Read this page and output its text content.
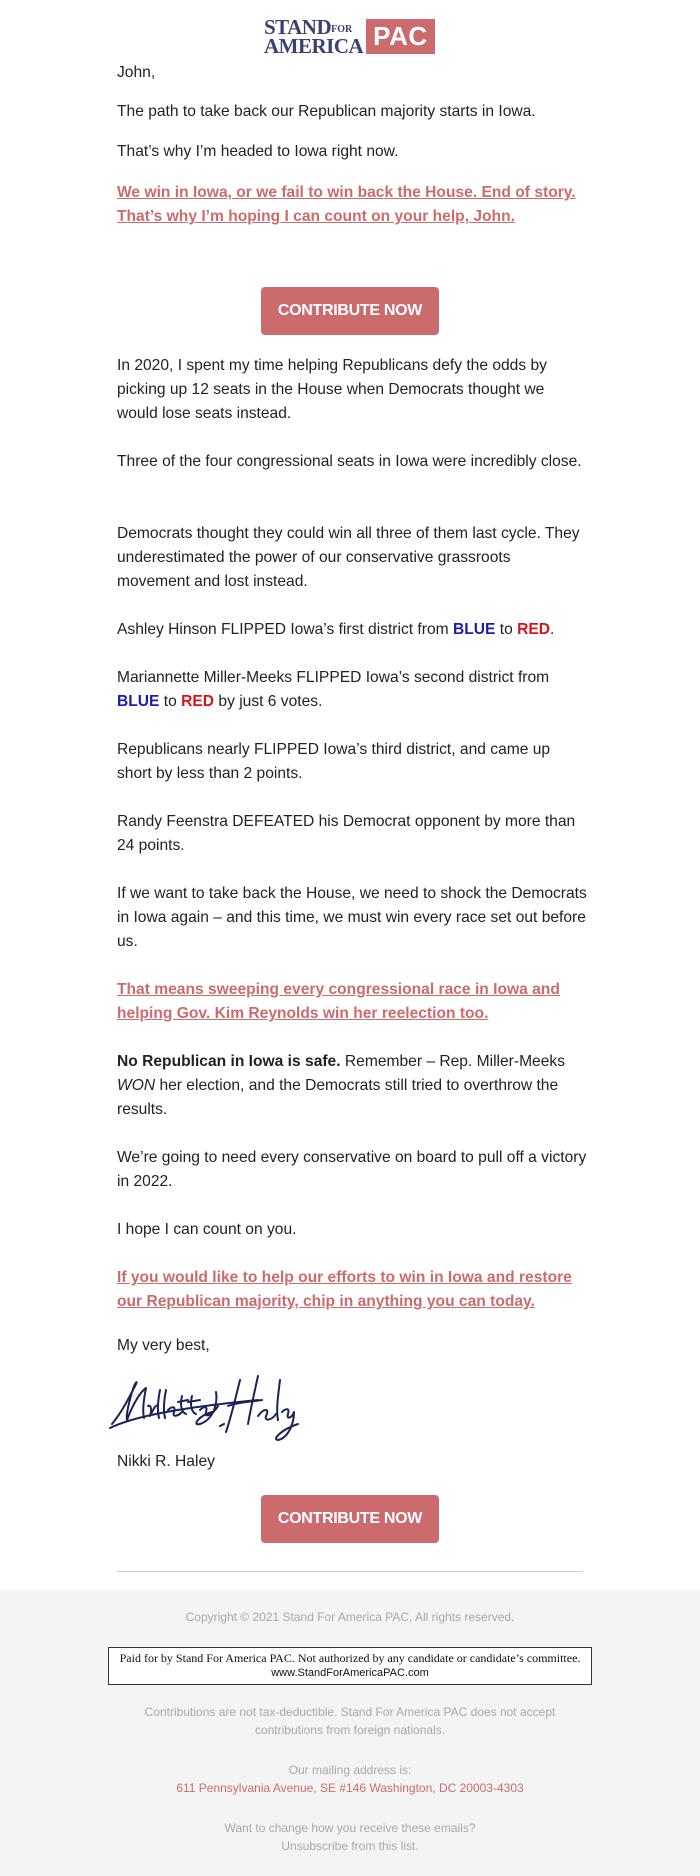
$STAND^{FOR}$
AMERICA PAC

John,

The path to take back our Republican majority starts in Iowa.

That’s why I’m headed to Iowa right now.

We win in Iowa, or we fail to win back the House. End of story. That’s why I’m hoping I can count on your help, John.

CONTRIBUTE NOW

In 2020, I spent my time helping Republicans defy the odds by picking up 12 seats in the House when Democrats thought we would lose seats instead.

Three of the four congressional seats in Iowa were incredibly close.

Democrats thought they could win all three of them last cycle. They underestimated the power of our conservative grassroots movement and lost instead.

Ashley Hinson FLIPPED Iowa’s first district from BLUE to RED.

Mariannette Miller-Meeks FLIPPED Iowa’s second district from BLUE to RED by just 6 votes.

Republicans nearly FLIPPED Iowa’s third district, and came up short by less than 2 points.

Randy Feenstra DEFEATED his Democrat opponent by more than 24 points.

If we want to take back the House, we need to shock the Democrats in Iowa again – and this time, we must win every race set out before us.

That means sweeping every congressional race in Iowa and helping Gov. Kim Reynolds win her reelection too.

No Republican in Iowa is safe. Remember – Rep. Miller-Meeks WON her election, and the Democrats still tried to overthrow the results.

We’re going to need every conservative on board to pull off a victory in 2022.

I hope I can count on you.

If you would like to help our efforts to win in Iowa and restore our Republican majority, chip in anything you can today.

My very best,

Nikki R. Haley

CONTRIBUTE NOW
Copyright © 2021 Stand For America PAC, All rights reserved.
Paid for by Stand For America PAC. Not authorized by any candidate or candidate’s committee.
www.StandForAmericaPAC.com
Contributions are not tax-deductible. Stand For America PAC does not accept
contributions from foreign nationals.
Our mailing address is:
611 Pennsylvania Avenue, SE #146 Washington, DC 20003-4303
Want to change how you receive these emails?
Unsubscribe from this list.
